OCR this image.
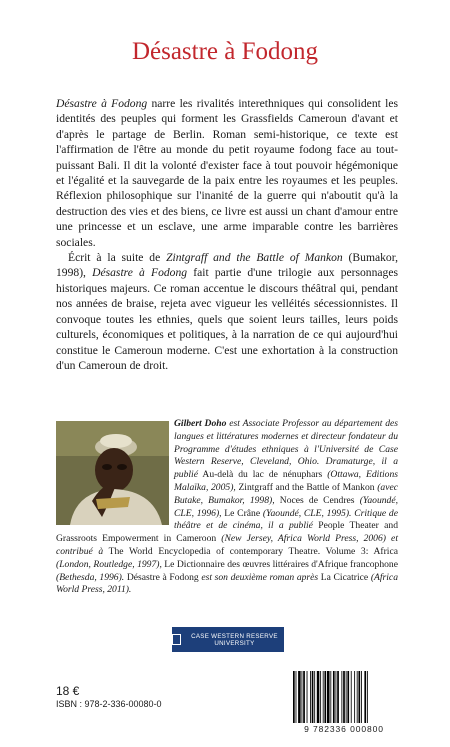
Désastre à Fodong

Désastre à Fodong narre les rivalités interethniques qui consolident les identités des peuples qui forment les Grassfields Cameroun d'avant et d'après le partage de Berlin. Roman semi-historique, ce texte est l'affirmation de l'être au monde du petit royaume fodong face au tout-puissant Bali. Il dit la volonté d'exister face à tout pouvoir hégémonique et l'égalité et la sauvegarde de la paix entre les royaumes et les peuples. Réflexion philosophique sur l'inanité de la guerre qui n'aboutit qu'à la destruction des vies et des biens, ce livre est aussi un chant d'amour entre une princesse et un esclave, une arme imparable contre les barrières sociales.

Écrit à la suite de Zintgraff and the Battle of Mankon (Bumakor, 1998), Désastre à Fodong fait partie d'une trilogie aux personnages historiques majeurs. Ce roman accentue le discours théâtral qui, pendant nos années de braise, rejeta avec vigueur les velléités sécessionnistes. Il convoque toutes les ethnies, quels que soient leurs tailles, leurs poids culturels, économiques et politiques, à la narration de ce qui aujourd'hui constitue le Cameroun moderne. C'est une exhortation à la construction d'un Cameroun de droit.

Gilbert Doho est Associate Professor au département des langues et littératures modernes et directeur fondateur du Programme d'études ethniques à l'Université de Case Western Reserve, Cleveland, Ohio. Dramaturge, il a publié Au-delà du lac de nénuphars (Ottawa, Editions Malaïka, 2005), Zintgraff and the Battle of Mankon (avec Butake, Bumakor, 1998), Noces de Cendres (Yaoundé, CLE, 1996), Le Crâne (Yaoundé, CLE, 1995). Critique de théâtre et de cinéma, il a publié People Theater and Grassroots Empowerment in Cameroon (New Jersey, Africa World Press, 2006) et contribué à The World Encyclopedia of contemporary Theatre. Volume 3: Africa (London, Routledge, 1997), Le Dictionnaire des œuvres littéraires d'Afrique francophone (Bethesda, 1996). Désastre à Fodong est son deuxième roman après La Cicatrice (Africa World Press, 2011).
CASE WESTERN RESERVE UNIVERSITY
18 €
ISBN : 978-2-336-00080-0
9 782336 000800
